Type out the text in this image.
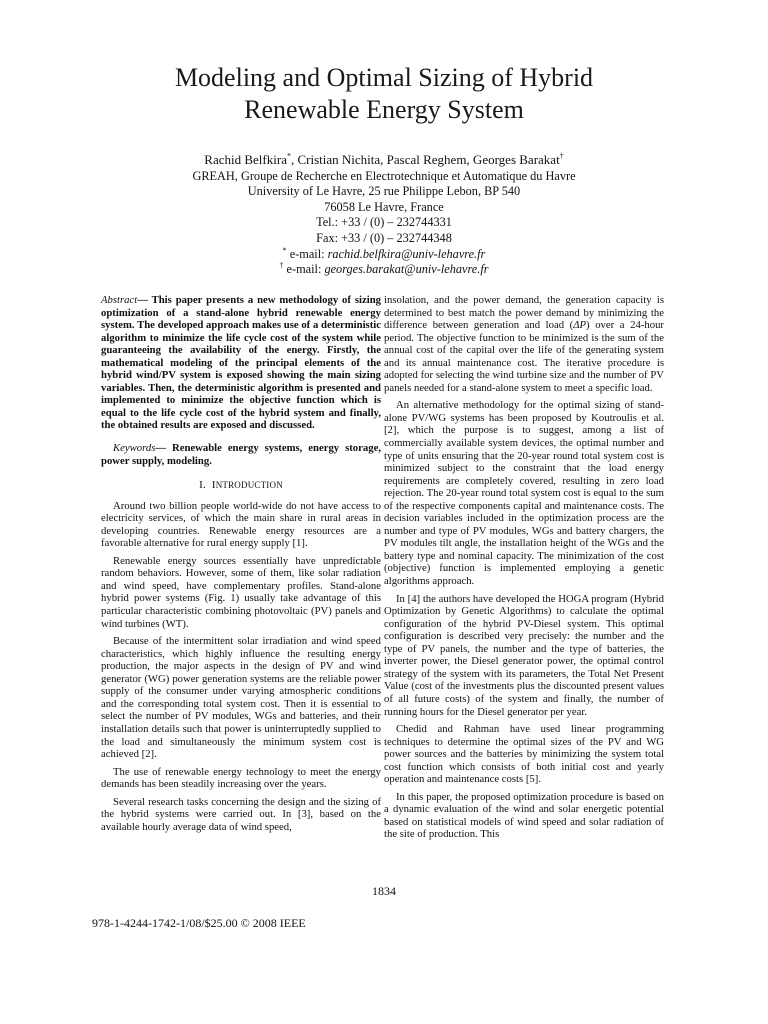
Modeling and Optimal Sizing of Hybrid
Renewable Energy System
Rachid Belfkira*, Cristian Nichita, Pascal Reghem, Georges Barakat†
GREAH, Groupe de Recherche en Electrotechnique et Automatique du Havre
University of Le Havre, 25 rue Philippe Lebon, BP 540
76058 Le Havre, France
Tel.: +33 / (0) – 232744331
Fax: +33 / (0) – 232744348
* e-mail: rachid.belfkira@univ-lehavre.fr
† e-mail: georges.barakat@univ-lehavre.fr

Abstract— This paper presents a new methodology of sizing optimization of a stand-alone hybrid renewable energy system. The developed approach makes use of a deterministic algorithm to minimize the life cycle cost of the system while guaranteeing the availability of the energy. Firstly, the mathematical modeling of the principal elements of the hybrid wind/PV system is exposed showing the main sizing variables. Then, the deterministic algorithm is presented and implemented to minimize the objective function which is equal to the life cycle cost of the hybrid system and finally, the obtained results are exposed and discussed.

Keywords— Renewable energy systems, energy storage, power supply, modeling.

I. INTRODUCTION

Around two billion people world-wide do not have access to electricity services, of which the main share in rural areas in developing countries. Renewable energy resources are a favorable alternative for rural energy supply [1].

Renewable energy sources essentially have unpredictable random behaviors. However, some of them, like solar radiation and wind speed, have complementary profiles. Stand-alone hybrid power systems (Fig. 1) usually take advantage of this particular characteristic combining photovoltaic (PV) panels and wind turbines (WT).

Because of the intermittent solar irradiation and wind speed characteristics, which highly influence the resulting energy production, the major aspects in the design of PV and wind generator (WG) power generation systems are the reliable power supply of the consumer under varying atmospheric conditions and the corresponding total system cost. Then it is essential to select the number of PV modules, WGs and batteries, and their installation details such that power is uninterruptedly supplied to the load and simultaneously the minimum system cost is achieved [2].

The use of renewable energy technology to meet the energy demands has been steadily increasing over the years.

Several research tasks concerning the design and the sizing of the hybrid systems were carried out. In [3], based on the available hourly average data of wind speed,

insolation, and the power demand, the generation capacity is determined to best match the power demand by minimizing the difference between generation and load (ΔP) over a 24-hour period. The objective function to be minimized is the sum of the annual cost of the capital over the life of the generating system and its annual maintenance cost. The iterative procedure is adopted for selecting the wind turbine size and the number of PV panels needed for a stand-alone system to meet a specific load.

An alternative methodology for the optimal sizing of stand-alone PV/WG systems has been proposed by Koutroulis et al. [2], which the purpose is to suggest, among a list of commercially available system devices, the optimal number and type of units ensuring that the 20-year round total system cost is minimized subject to the constraint that the load energy requirements are completely covered, resulting in zero load rejection. The 20-year round total system cost is equal to the sum of the respective components capital and maintenance costs. The decision variables included in the optimization process are the number and type of PV modules, WGs and battery chargers, the PV modules tilt angle, the installation height of the WGs and the battery type and nominal capacity. The minimization of the cost (objective) function is implemented employing a genetic algorithms approach.

In [4] the authors have developed the HOGA program (Hybrid Optimization by Genetic Algorithms) to calculate the optimal configuration of the hybrid PV-Diesel system. This optimal configuration is described very precisely: the number and the type of PV panels, the number and the type of batteries, the inverter power, the Diesel generator power, the optimal control strategy of the system with its parameters, the Total Net Present Value (cost of the investments plus the discounted present values of all future costs) of the system and finally, the number of running hours for the Diesel generator per year.

Chedid and Rahman have used linear programming techniques to determine the optimal sizes of the PV and WG power sources and the batteries by minimizing the system total cost function which consists of both initial cost and yearly operation and maintenance costs [5].

In this paper, the proposed optimization procedure is based on a dynamic evaluation of the wind and solar energetic potential based on statistical models of wind speed and solar radiation of the site of production. This

1834
978-1-4244-1742-1/08/$25.00 © 2008 IEEE
